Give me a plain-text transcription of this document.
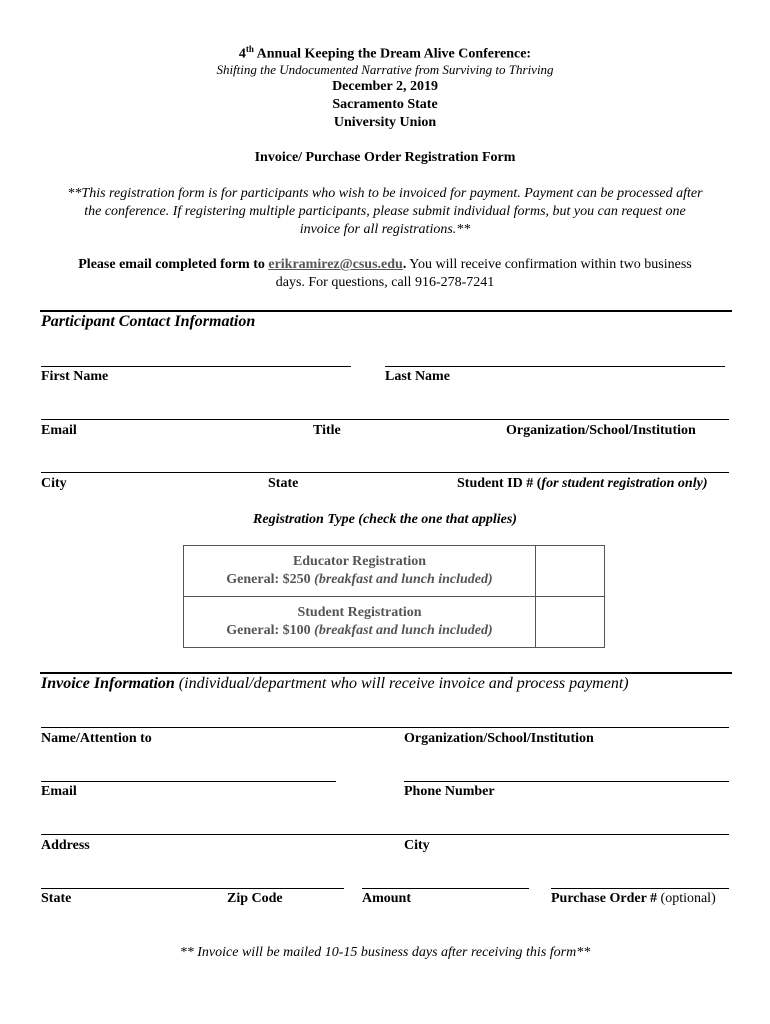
4th Annual Keeping the Dream Alive Conference:
Shifting the Undocumented Narrative from Surviving to Thriving
December 2, 2019
Sacramento State
University Union
Invoice/ Purchase Order Registration Form
**This registration form is for participants who wish to be invoiced for payment. Payment can be processed after
the conference. If registering multiple participants, please submit individual forms, but you can request one
invoice for all registrations.**
Please email completed form to erikramirez@csus.edu. You will receive confirmation within two business
days. For questions, call 916-278-7241
Participant Contact Information
First Name	Last Name
Email	Title	Organization/School/Institution
City	State	Student ID # (for student registration only)
Registration Type (check the one that applies)
Educator Registration
General: $250 (breakfast and lunch included)	

Student Registration
General: $100 (breakfast and lunch included)	

Invoice Information (individual/department who will receive invoice and process payment)
Name/Attention to	Organization/School/Institution
Email	Phone Number
Address	City
State	Zip Code	Amount	Purchase Order # (optional)
** Invoice will be mailed 10-15 business days after receiving this form**
